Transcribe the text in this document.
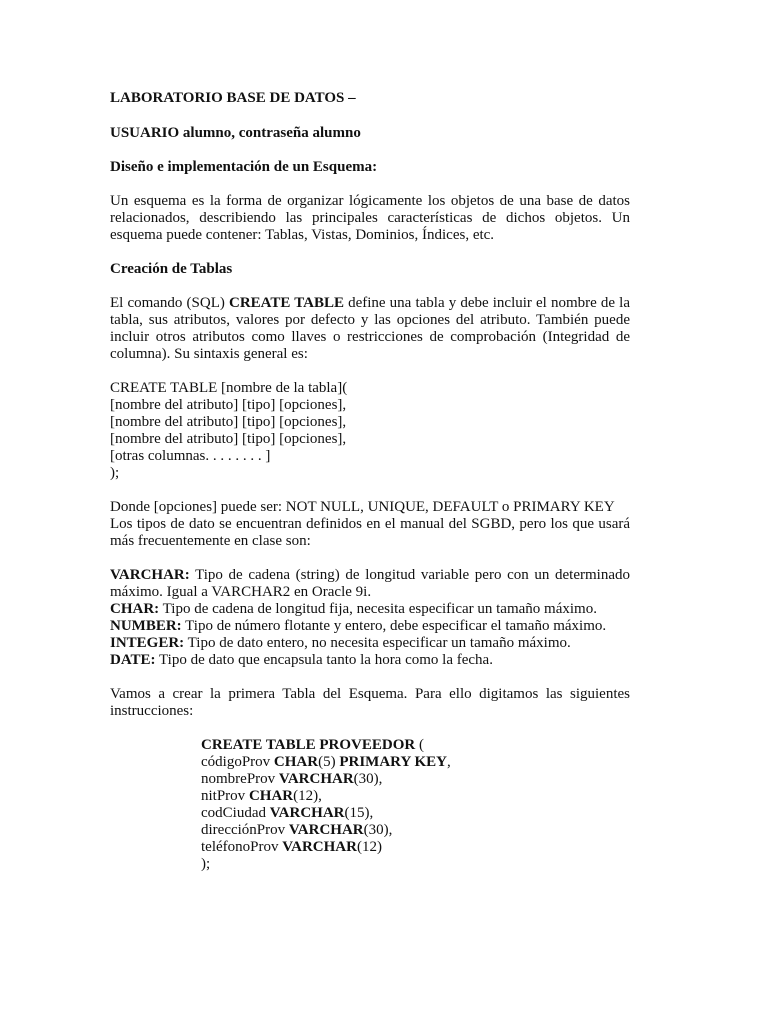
LABORATORIO BASE DE DATOS –

USUARIO alumno, contraseña alumno

Diseño e implementación de un Esquema:

Un esquema es la forma de organizar lógicamente los objetos de una base de datos relacionados, describiendo las principales características de dichos objetos. Un esquema puede contener: Tablas, Vistas, Dominios, Índices, etc.

Creación de Tablas

El comando (SQL) CREATE TABLE define una tabla y debe incluir el nombre de la tabla, sus atributos, valores por defecto y las opciones del atributo. También puede incluir otros atributos como llaves o restricciones de comprobación (Integridad de columna). Su sintaxis general es:

CREATE TABLE [nombre de la tabla](
[nombre del atributo] [tipo] [opciones],
[nombre del atributo] [tipo] [opciones],
[nombre del atributo] [tipo] [opciones],
[otras columnas. . . . . . . . ]
);

Donde [opciones] puede ser: NOT NULL, UNIQUE, DEFAULT o PRIMARY KEY

Los tipos de dato se encuentran definidos en el manual del SGBD, pero los que usará más frecuentemente en clase son:

VARCHAR: Tipo de cadena (string) de longitud variable pero con un determinado máximo. Igual a VARCHAR2 en Oracle 9i.

CHAR: Tipo de cadena de longitud fija, necesita especificar un tamaño máximo.

NUMBER: Tipo de número flotante y entero, debe especificar el tamaño máximo.

INTEGER: Tipo de dato entero, no necesita especificar un tamaño máximo.

DATE: Tipo de dato que encapsula tanto la hora como la fecha.

Vamos a crear la primera Tabla del Esquema. Para ello digitamos las siguientes instrucciones:

CREATE TABLE PROVEEDOR (
códigoProv CHAR(5) PRIMARY KEY,
nombreProv VARCHAR(30),
nitProv CHAR(12),
codCiudad VARCHAR(15),
direcciónProv VARCHAR(30),
teléfonoProv VARCHAR(12)
);
